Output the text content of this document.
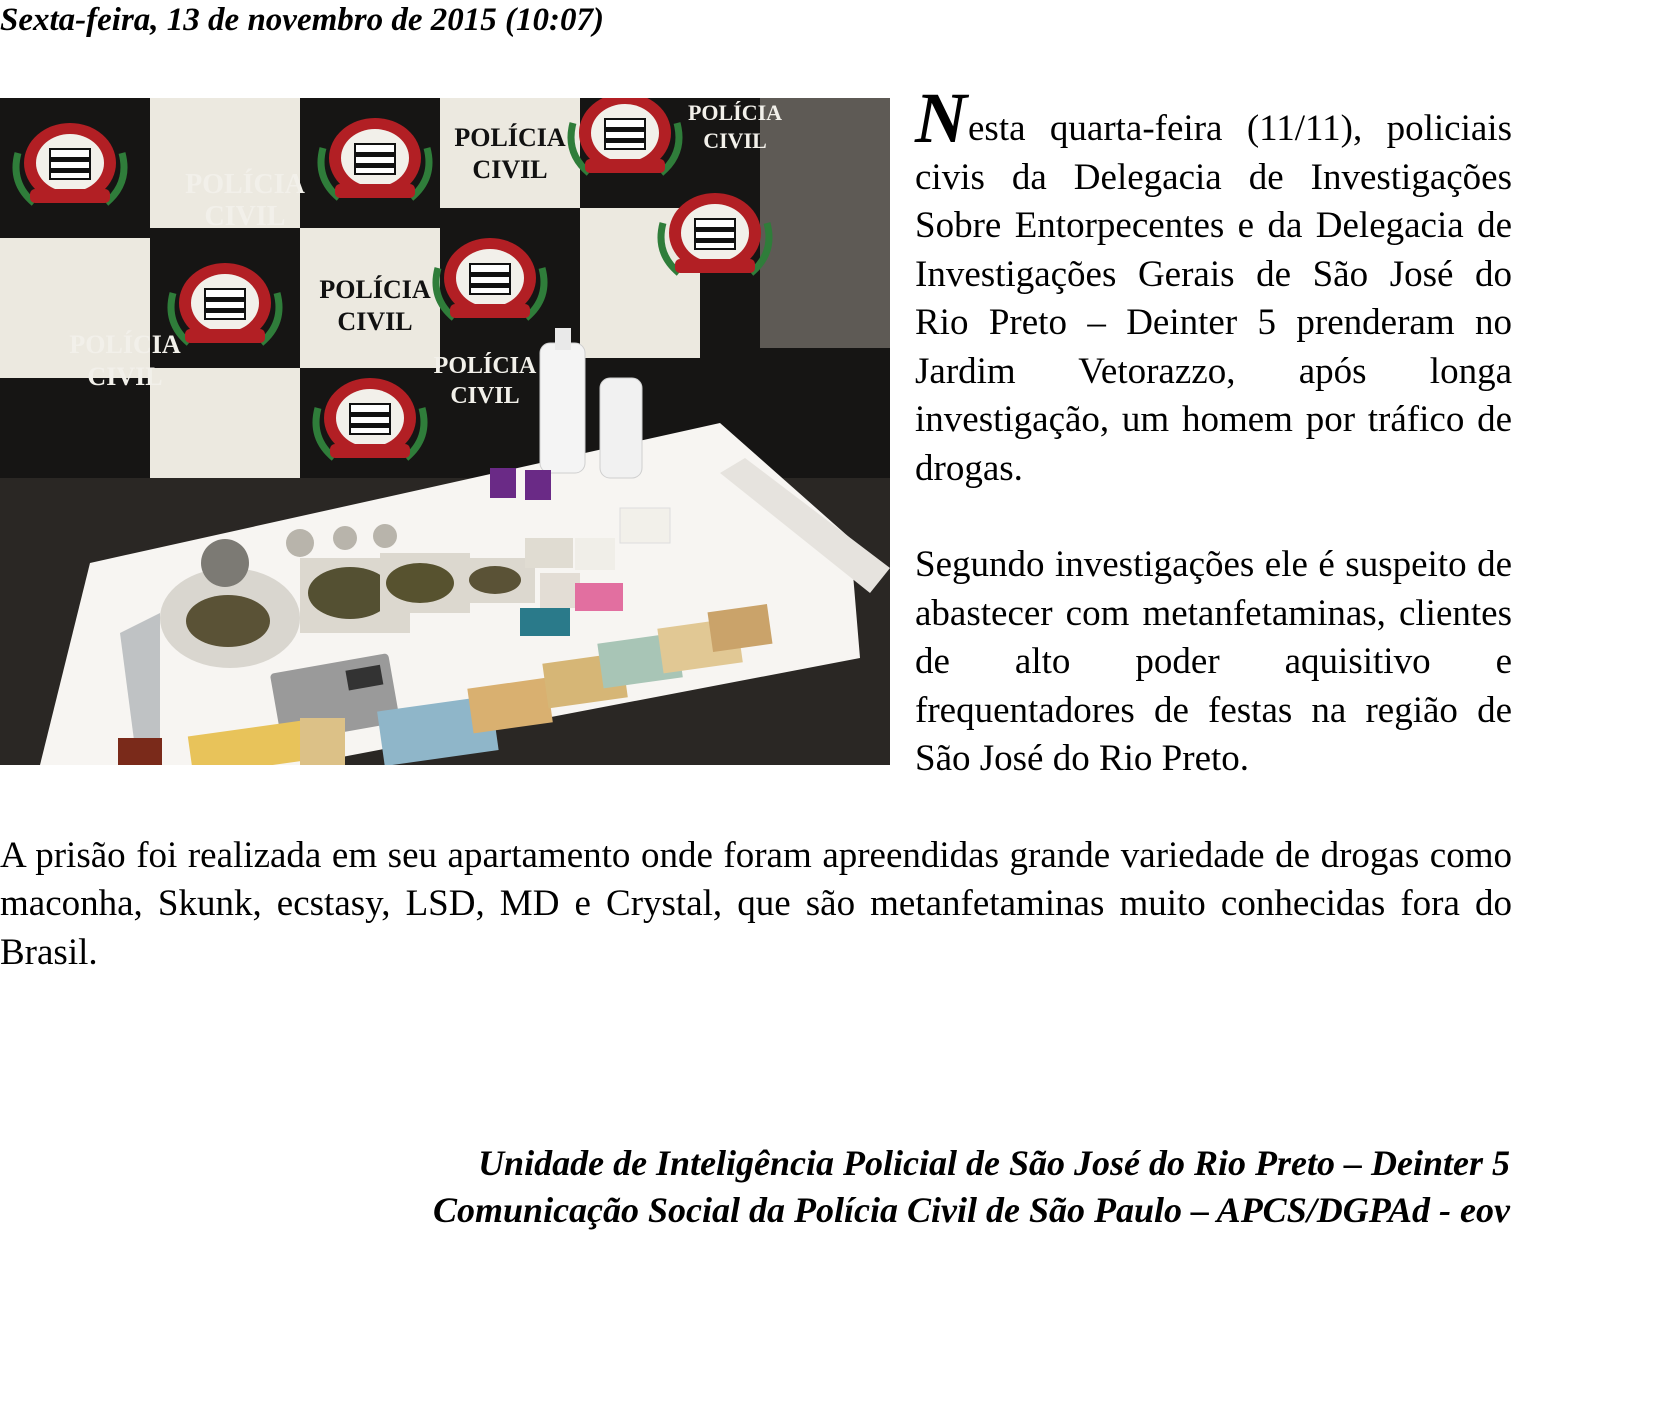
Sexta-feira, 13 de novembro de 2015 (10:07)
POLÍCIA
CIVIL
POLÍCIA
CIVIL
POLÍCIA
CIVIL
POLÍCIA
CIVIL	POLÍCIA
CIVIL
POLÍCIA
CIVIL	Nesta quarta-feira (11/11), policiais civis da Delegacia de Investigações Sobre Entorpecentes e da Delegacia de Investigações Gerais de São José do Rio Preto – Deinter 5 prenderam no Jardim Vetorazzo, após longa investigação, um homem por tráfico de drogas.

Segundo investigações ele é suspeito de abastecer com metanfetaminas, clientes de alto poder aquisitivo e frequentadores de festas na região de São José do Rio Preto.

A prisão foi realizada em seu apartamento onde foram apreendidas grande variedade de drogas como maconha, Skunk, ecstasy, LSD, MD e Crystal, que são metanfetaminas muito conhecidas fora do Brasil.

Unidade de Inteligência Policial de São José do Rio Preto – Deinter 5
Comunicação Social da Polícia Civil de São Paulo – APCS/DGPAd - eov
